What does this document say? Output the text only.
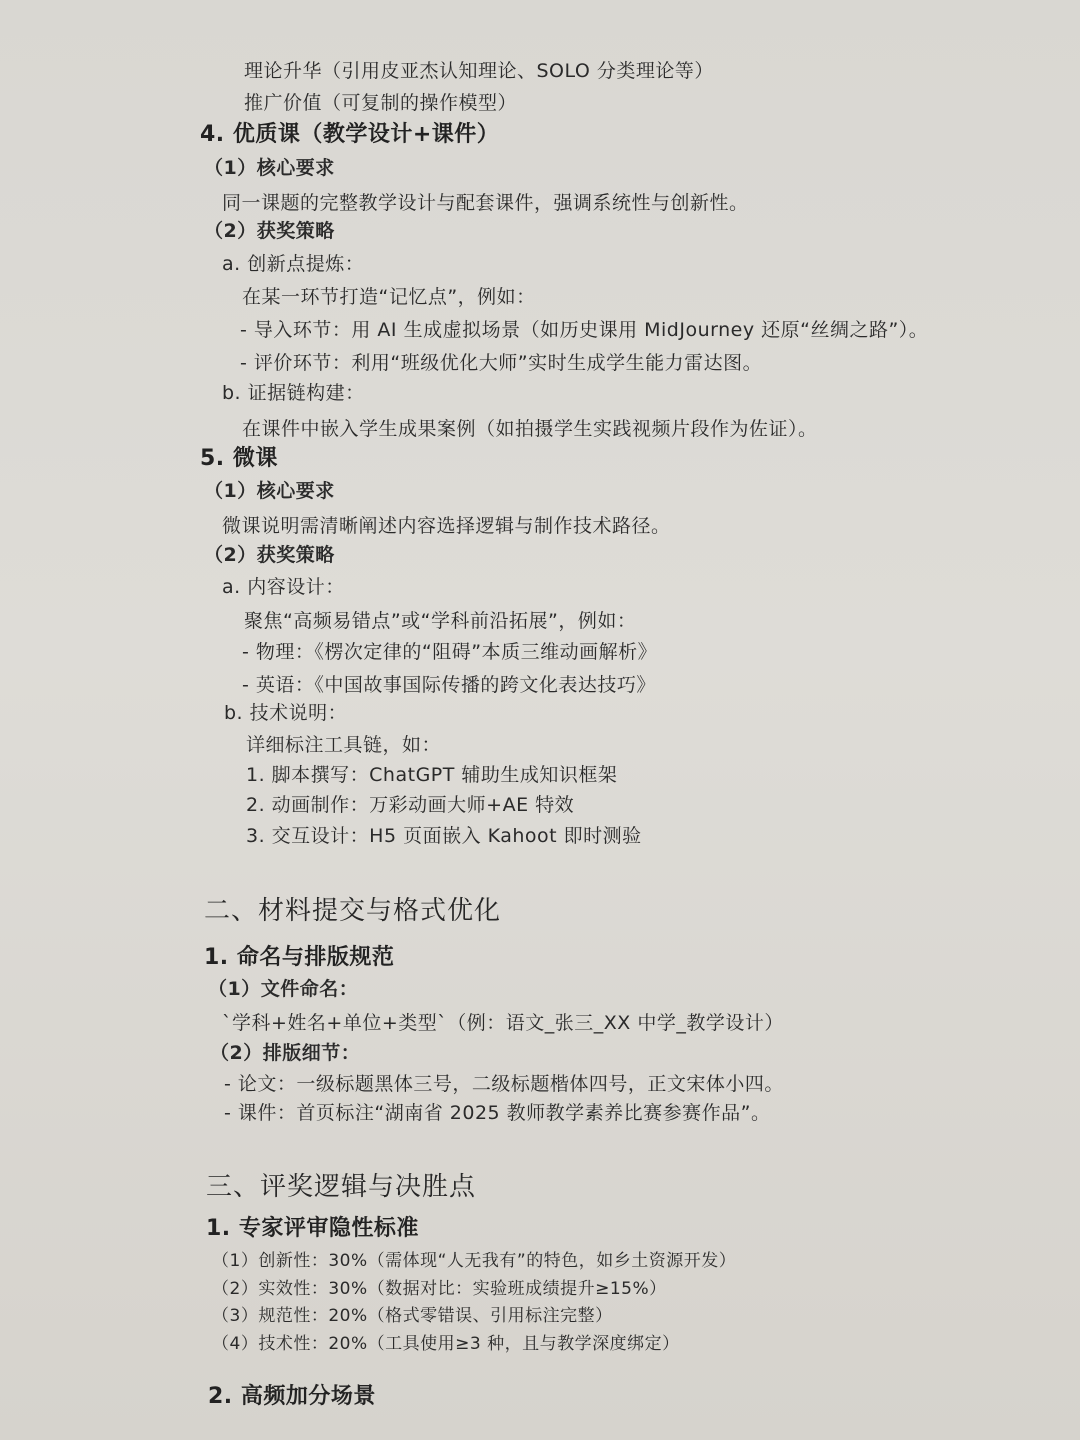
理论升华（引用皮亚杰认知理论、SOLO 分类理论等）
推广价值（可复制的操作模型）
4. 优质课（教学设计+课件）
（1）核心要求
同一课题的完整教学设计与配套课件，强调系统性与创新性。
（2）获奖策略
a. 创新点提炼：
在某一环节打造“记忆点”，例如：
- 导入环节：用 AI 生成虚拟场景（如历史课用 MidJourney 还原“丝绸之路”）。
- 评价环节：利用“班级优化大师”实时生成学生能力雷达图。
b. 证据链构建：
在课件中嵌入学生成果案例（如拍摄学生实践视频片段作为佐证）。
5. 微课
（1）核心要求
微课说明需清晰阐述内容选择逻辑与制作技术路径。
（2）获奖策略
a. 内容设计：
聚焦“高频易错点”或“学科前沿拓展”，例如：
- 物理：《楞次定律的“阻碍”本质三维动画解析》
- 英语：《中国故事国际传播的跨文化表达技巧》
b. 技术说明：
详细标注工具链，如：
1. 脚本撰写：ChatGPT 辅助生成知识框架
2. 动画制作：万彩动画大师+AE 特效
3. 交互设计：H5 页面嵌入 Kahoot 即时测验
二、材料提交与格式优化
1. 命名与排版规范
（1）文件命名：
`学科+姓名+单位+类型`（例：语文_张三_XX 中学_教学设计）
（2）排版细节：
- 论文：一级标题黑体三号，二级标题楷体四号，正文宋体小四。
- 课件：首页标注“湖南省 2025 教师教学素养比赛参赛作品”。
三、评奖逻辑与决胜点
1. 专家评审隐性标准
（1）创新性：30%（需体现“人无我有”的特色，如乡土资源开发）
（2）实效性：30%（数据对比：实验班成绩提升≥15%）
（3）规范性：20%（格式零错误、引用标注完整）
（4）技术性：20%（工具使用≥3 种，且与教学深度绑定）
2. 高频加分场景
